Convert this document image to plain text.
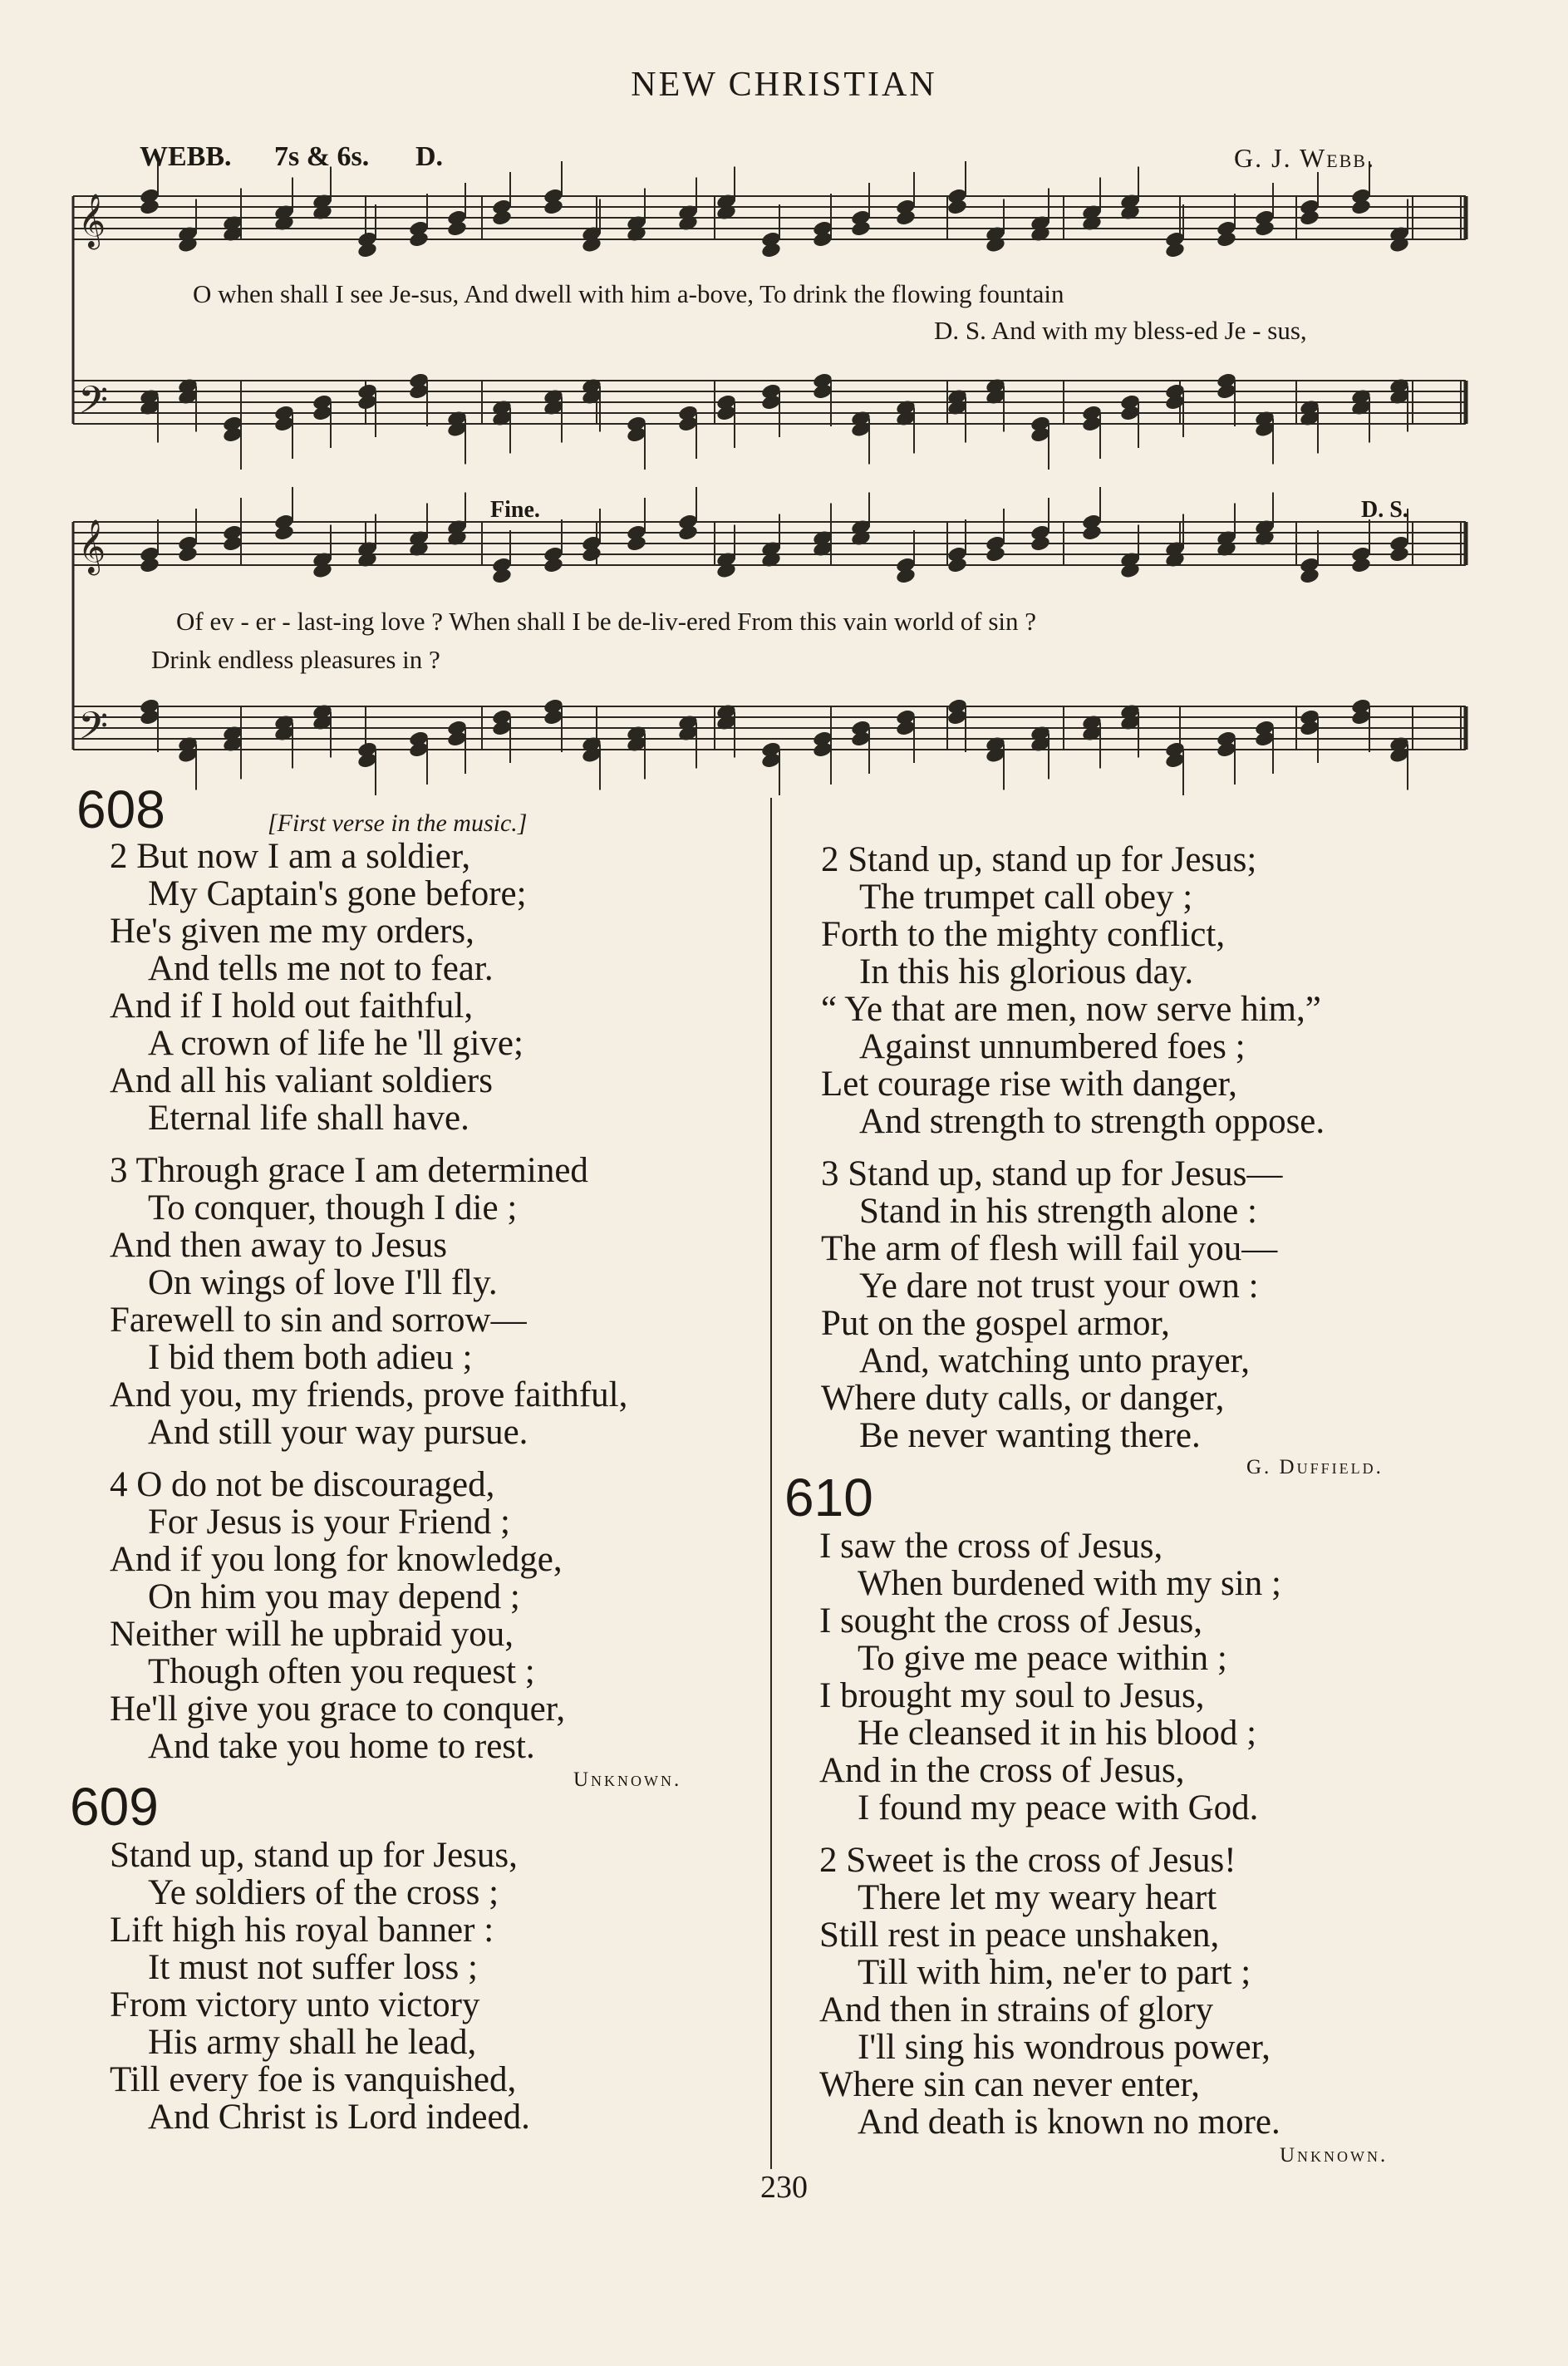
NEW CHRISTIAN
WEBB. 7s & 6s. D.	G. J. Webb.
𝄞
𝄢
𝄞
𝄢
O when shall I see Je-sus, And dwell with him a-bove, To drink the flowing fountain
D. S. And with my bless-ed Je - sus,
Of ev - er - last-ing love ? When shall I be de-liv-ered From this vain world of sin ?
Drink endless pleasures in ?
Fine.	D. S.
608	[First verse in the music.]
2 But now I am a soldier,
My Captain's gone before;
He's given me my orders,
And tells me not to fear.
And if I hold out faithful,
A crown of life he 'll give;
And all his valiant soldiers
Eternal life shall have.
3 Through grace I am determined
To conquer, though I die ;
And then away to Jesus
On wings of love I'll fly.
Farewell to sin and sorrow—
I bid them both adieu ;
And you, my friends, prove faithful,
And still your way pursue.
4 O do not be discouraged,
For Jesus is your Friend ;
And if you long for knowledge,
On him you may depend ;
Neither will he upbraid you,
Though often you request ;
He'll give you grace to conquer,
And take you home to rest.
Unknown.
609
Stand up, stand up for Jesus,
Ye soldiers of the cross ;
Lift high his royal banner :
It must not suffer loss ;
From victory unto victory
His army shall he lead,
Till every foe is vanquished,
And Christ is Lord indeed.
2 Stand up, stand up for Jesus;
The trumpet call obey ;
Forth to the mighty conflict,
In this his glorious day.
“ Ye that are men, now serve him,”
Against unnumbered foes ;
Let courage rise with danger,
And strength to strength oppose.
3 Stand up, stand up for Jesus—
Stand in his strength alone :
The arm of flesh will fail you—
Ye dare not trust your own :
Put on the gospel armor,
And, watching unto prayer,
Where duty calls, or danger,
Be never wanting there.
G. Duffield.
610
I saw the cross of Jesus,
When burdened with my sin ;
I sought the cross of Jesus,
To give me peace within ;
I brought my soul to Jesus,
He cleansed it in his blood ;
And in the cross of Jesus,
I found my peace with God.
2 Sweet is the cross of Jesus!
There let my weary heart
Still rest in peace unshaken,
Till with him, ne'er to part ;
And then in strains of glory
I'll sing his wondrous power,
Where sin can never enter,
And death is known no more.
Unknown.
230
